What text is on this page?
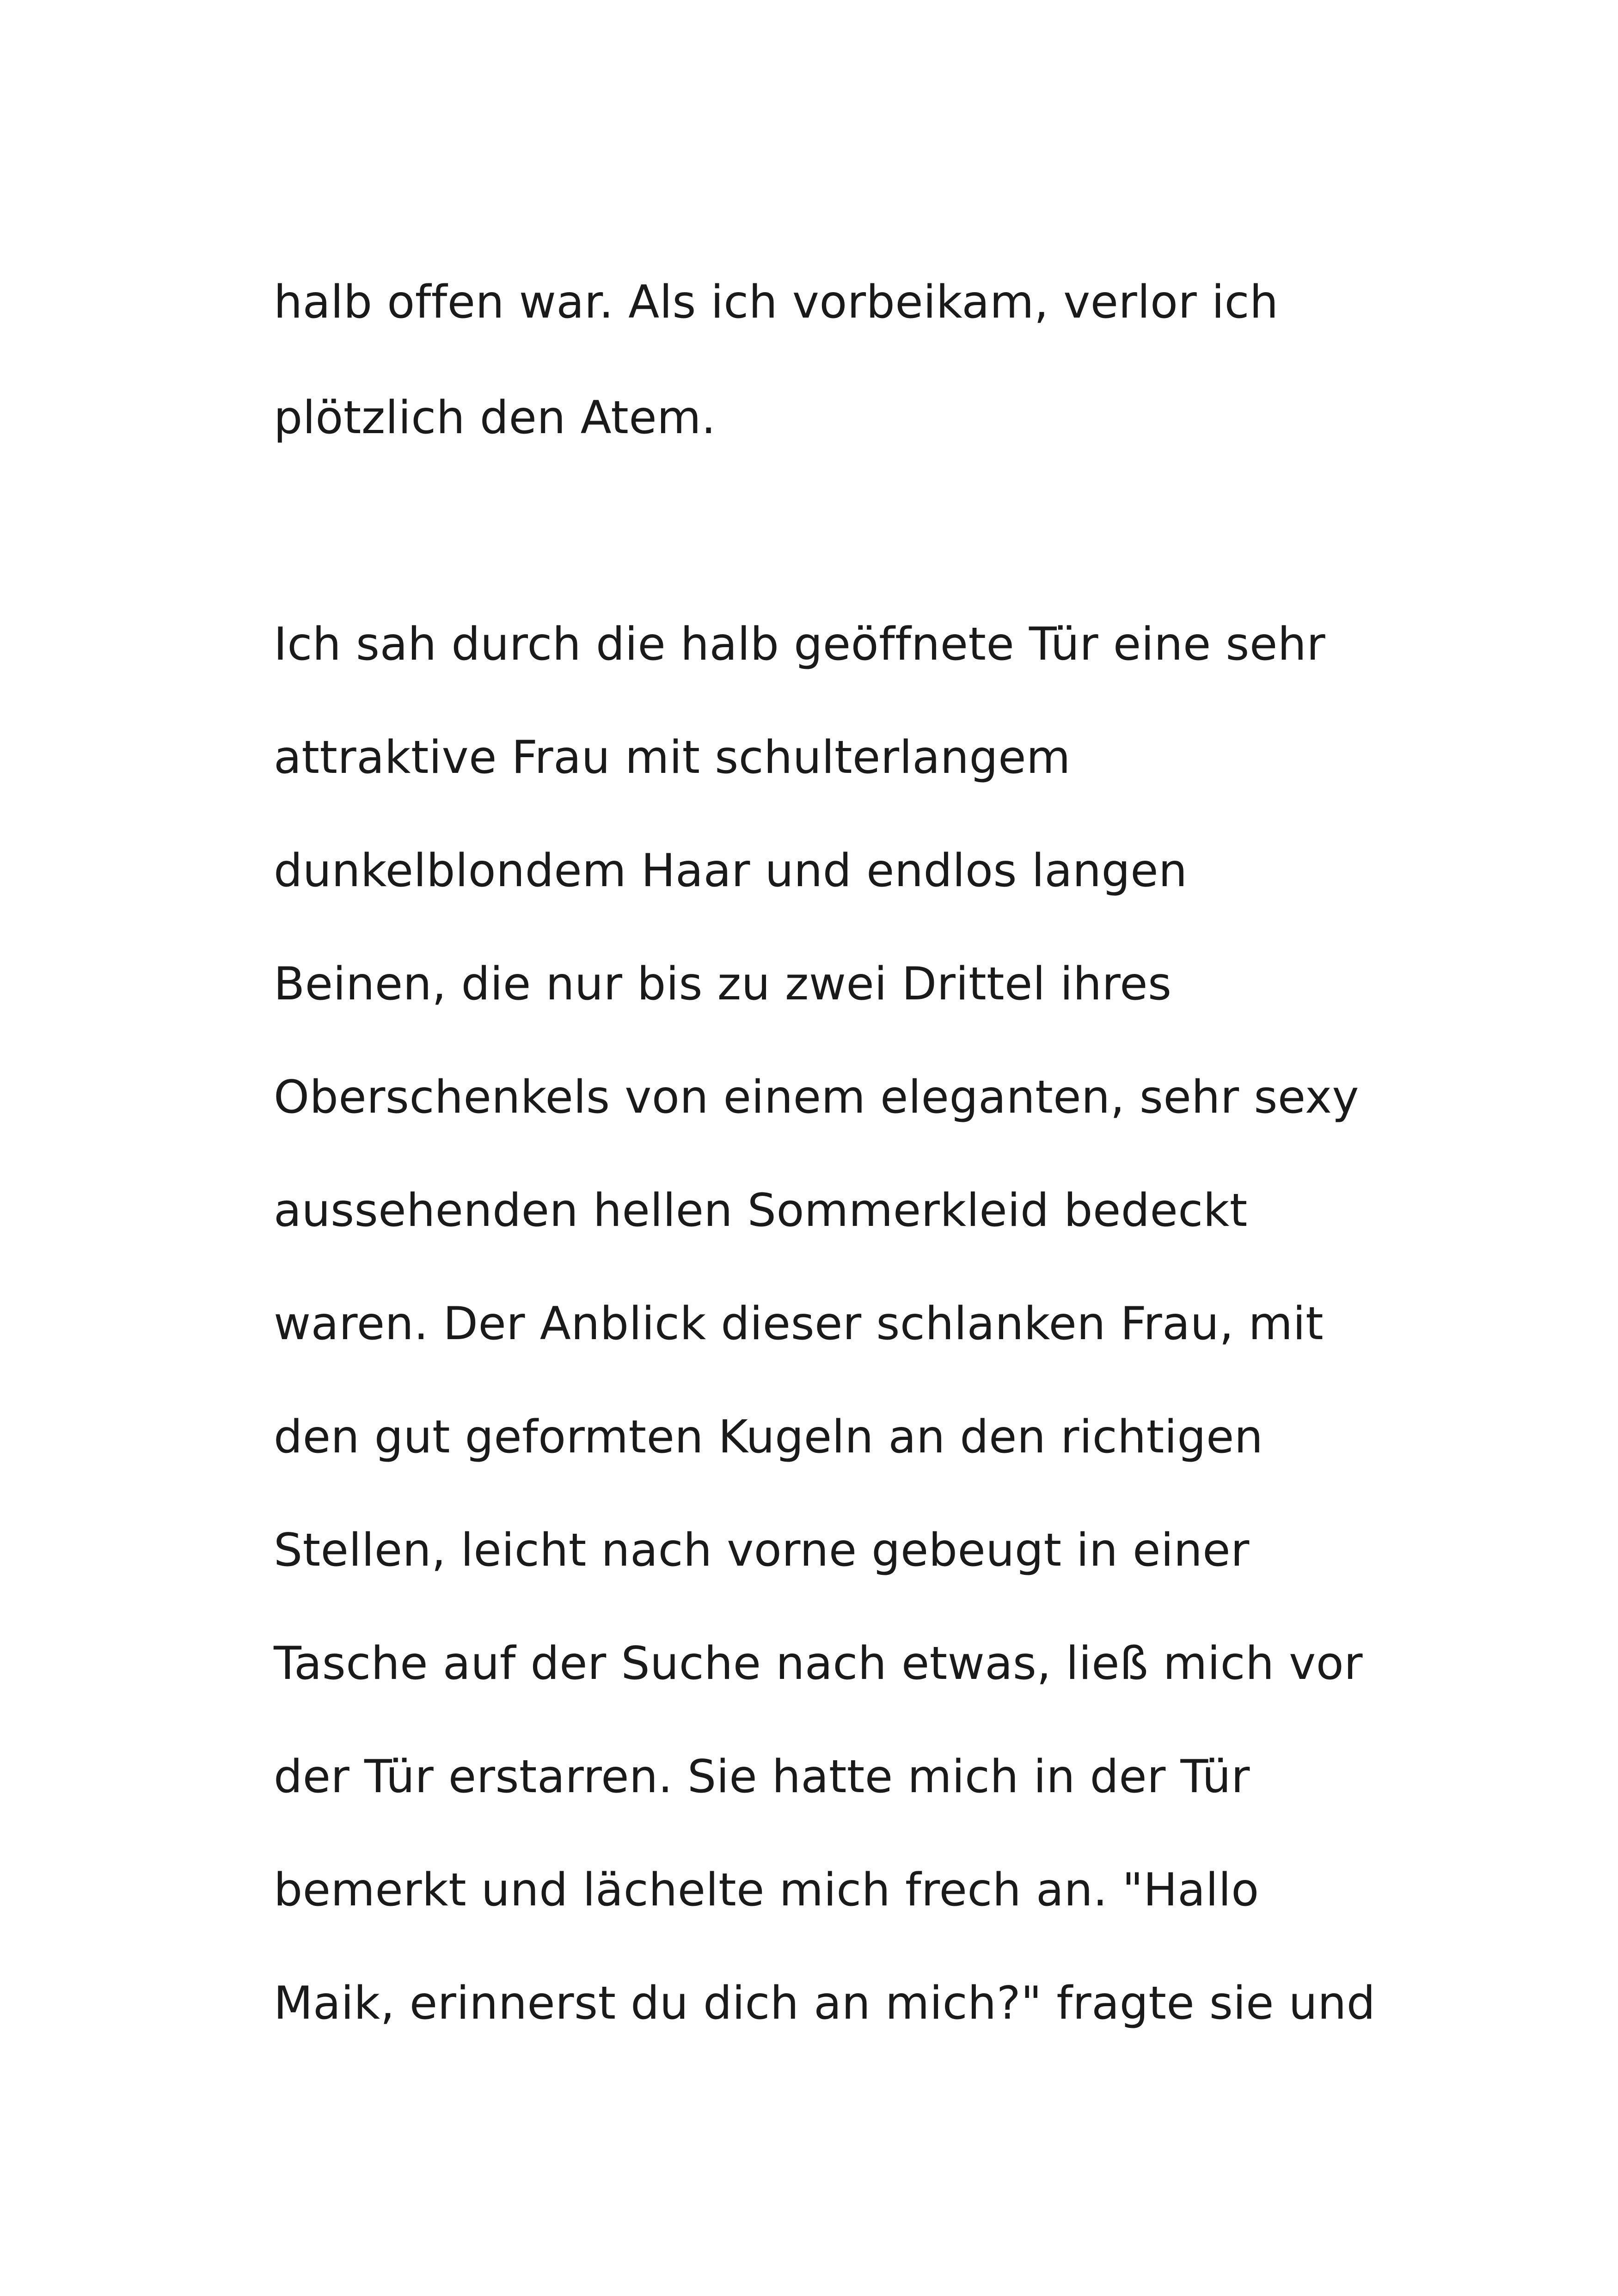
halb offen war. Als ich vorbeikam, verlor ich

plötzlich den Atem.

Ich sah durch die halb geöffnete Tür eine sehr

attraktive Frau mit schulterlangem

dunkelblondem Haar und endlos langen

Beinen, die nur bis zu zwei Drittel ihres

Oberschenkels von einem eleganten, sehr sexy

aussehenden hellen Sommerkleid bedeckt

waren. Der Anblick dieser schlanken Frau, mit

den gut geformten Kugeln an den richtigen

Stellen, leicht nach vorne gebeugt in einer

Tasche auf der Suche nach etwas, ließ mich vor

der Tür erstarren. Sie hatte mich in der Tür

bemerkt und lächelte mich frech an. "Hallo

Maik, erinnerst du dich an mich?" fragte sie und
